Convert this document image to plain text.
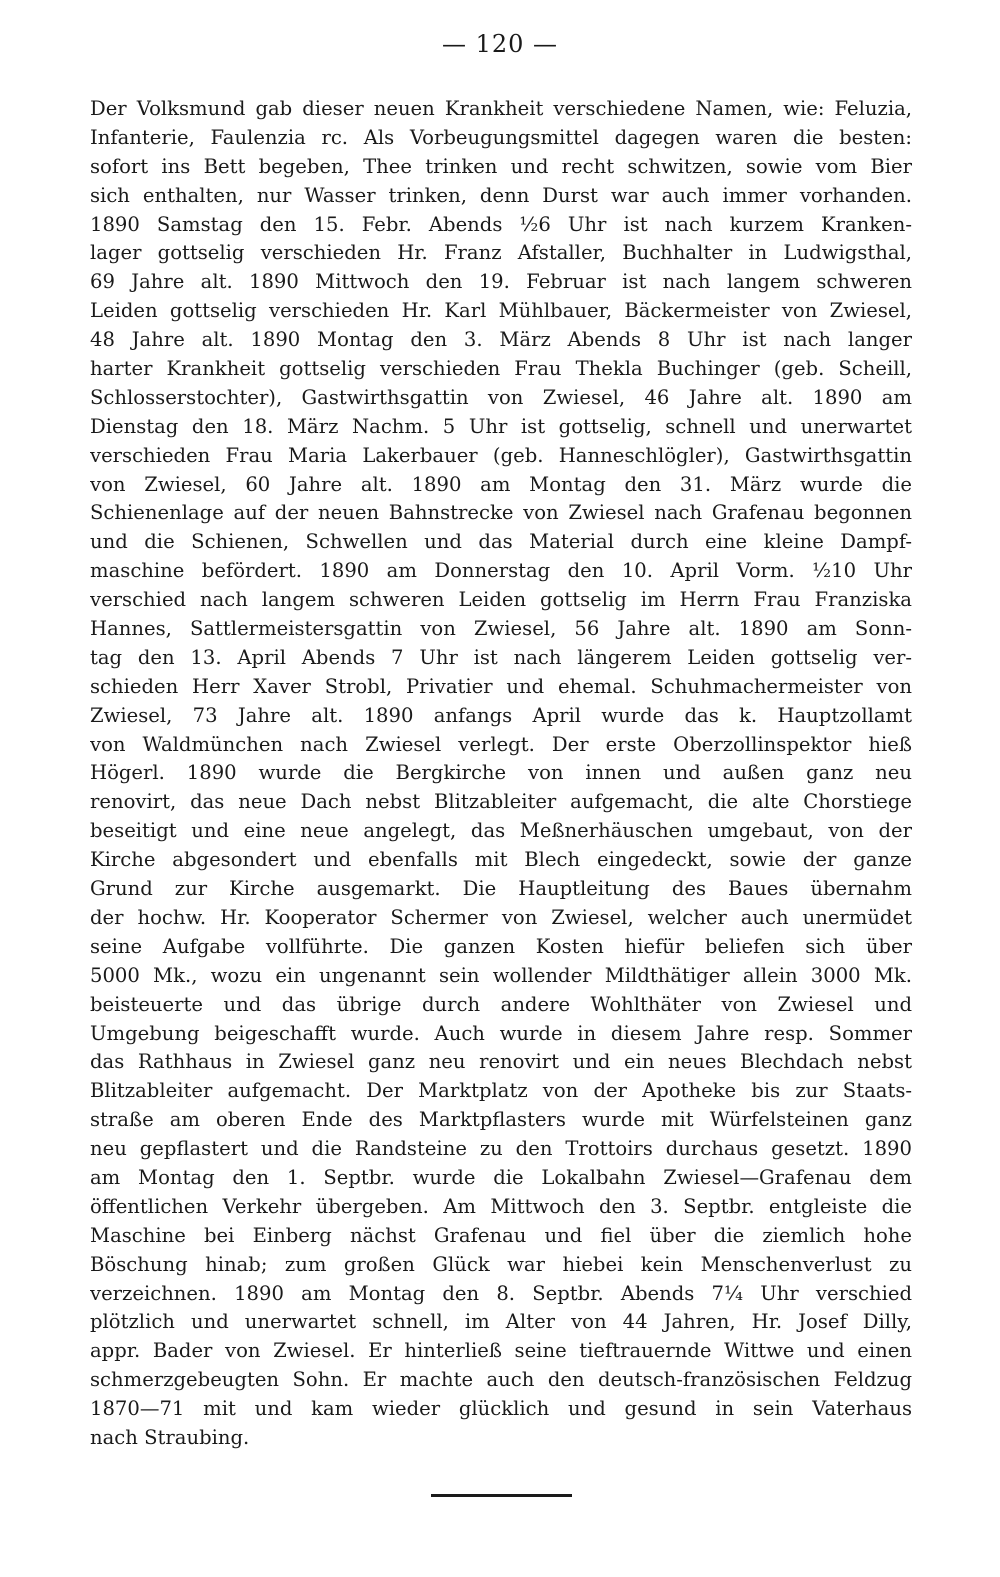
— 120 —
Der Volksmund gab dieser neuen Krankheit verschiedene Namen, wie: Feluzia,
Infanterie, Faulenzia rc. Als Vorbeugungsmittel dagegen waren die besten:
sofort ins Bett begeben, Thee trinken und recht schwitzen, sowie vom Bier
sich enthalten, nur Wasser trinken, denn Durst war auch immer vorhanden.
1890 Samstag den 15. Febr. Abends ½6 Uhr ist nach kurzem Kranken-
lager gottselig verschieden Hr. Franz Afstaller, Buchhalter in Ludwigsthal,
69 Jahre alt. 1890 Mittwoch den 19. Februar ist nach langem schweren
Leiden gottselig verschieden Hr. Karl Mühlbauer, Bäckermeister von Zwiesel,
48 Jahre alt. 1890 Montag den 3. März Abends 8 Uhr ist nach langer
harter Krankheit gottselig verschieden Frau Thekla Buchinger (geb. Scheill,
Schlosserstochter), Gastwirthsgattin von Zwiesel, 46 Jahre alt. 1890 am
Dienstag den 18. März Nachm. 5 Uhr ist gottselig, schnell und unerwartet
verschieden Frau Maria Lakerbauer (geb. Hanneschlögler), Gastwirthsgattin
von Zwiesel, 60 Jahre alt. 1890 am Montag den 31. März wurde die
Schienenlage auf der neuen Bahnstrecke von Zwiesel nach Grafenau begonnen
und die Schienen, Schwellen und das Material durch eine kleine Dampf-
maschine befördert. 1890 am Donnerstag den 10. April Vorm. ½10 Uhr
verschied nach langem schweren Leiden gottselig im Herrn Frau Franziska
Hannes, Sattlermeistersgattin von Zwiesel, 56 Jahre alt. 1890 am Sonn-
tag den 13. April Abends 7 Uhr ist nach längerem Leiden gottselig ver-
schieden Herr Xaver Strobl, Privatier und ehemal. Schuhmachermeister von
Zwiesel, 73 Jahre alt. 1890 anfangs April wurde das k. Hauptzollamt
von Waldmünchen nach Zwiesel verlegt. Der erste Oberzollinspektor hieß
Högerl. 1890 wurde die Bergkirche von innen und außen ganz neu
renovirt, das neue Dach nebst Blitzableiter aufgemacht, die alte Chorstiege
beseitigt und eine neue angelegt, das Meßnerhäuschen umgebaut, von der
Kirche abgesondert und ebenfalls mit Blech eingedeckt, sowie der ganze
Grund zur Kirche ausgemarkt. Die Hauptleitung des Baues übernahm
der hochw. Hr. Kooperator Schermer von Zwiesel, welcher auch unermüdet
seine Aufgabe vollführte. Die ganzen Kosten hiefür beliefen sich über
5000 Mk., wozu ein ungenannt sein wollender Mildthätiger allein 3000 Mk.
beisteuerte und das übrige durch andere Wohlthäter von Zwiesel und
Umgebung beigeschafft wurde. Auch wurde in diesem Jahre resp. Sommer
das Rathhaus in Zwiesel ganz neu renovirt und ein neues Blechdach nebst
Blitzableiter aufgemacht. Der Marktplatz von der Apotheke bis zur Staats-
straße am oberen Ende des Marktpflasters wurde mit Würfelsteinen ganz
neu gepflastert und die Randsteine zu den Trottoirs durchaus gesetzt. 1890
am Montag den 1. Septbr. wurde die Lokalbahn Zwiesel—Grafenau dem
öffentlichen Verkehr übergeben. Am Mittwoch den 3. Septbr. entgleiste die
Maschine bei Einberg nächst Grafenau und fiel über die ziemlich hohe
Böschung hinab; zum großen Glück war hiebei kein Menschenverlust zu
verzeichnen. 1890 am Montag den 8. Septbr. Abends 7¼ Uhr verschied
plötzlich und unerwartet schnell, im Alter von 44 Jahren, Hr. Josef Dilly,
appr. Bader von Zwiesel. Er hinterließ seine tieftrauernde Wittwe und einen
schmerzgebeugten Sohn. Er machte auch den deutsch-französischen Feldzug
1870—71 mit und kam wieder glücklich und gesund in sein Vaterhaus
nach Straubing.
